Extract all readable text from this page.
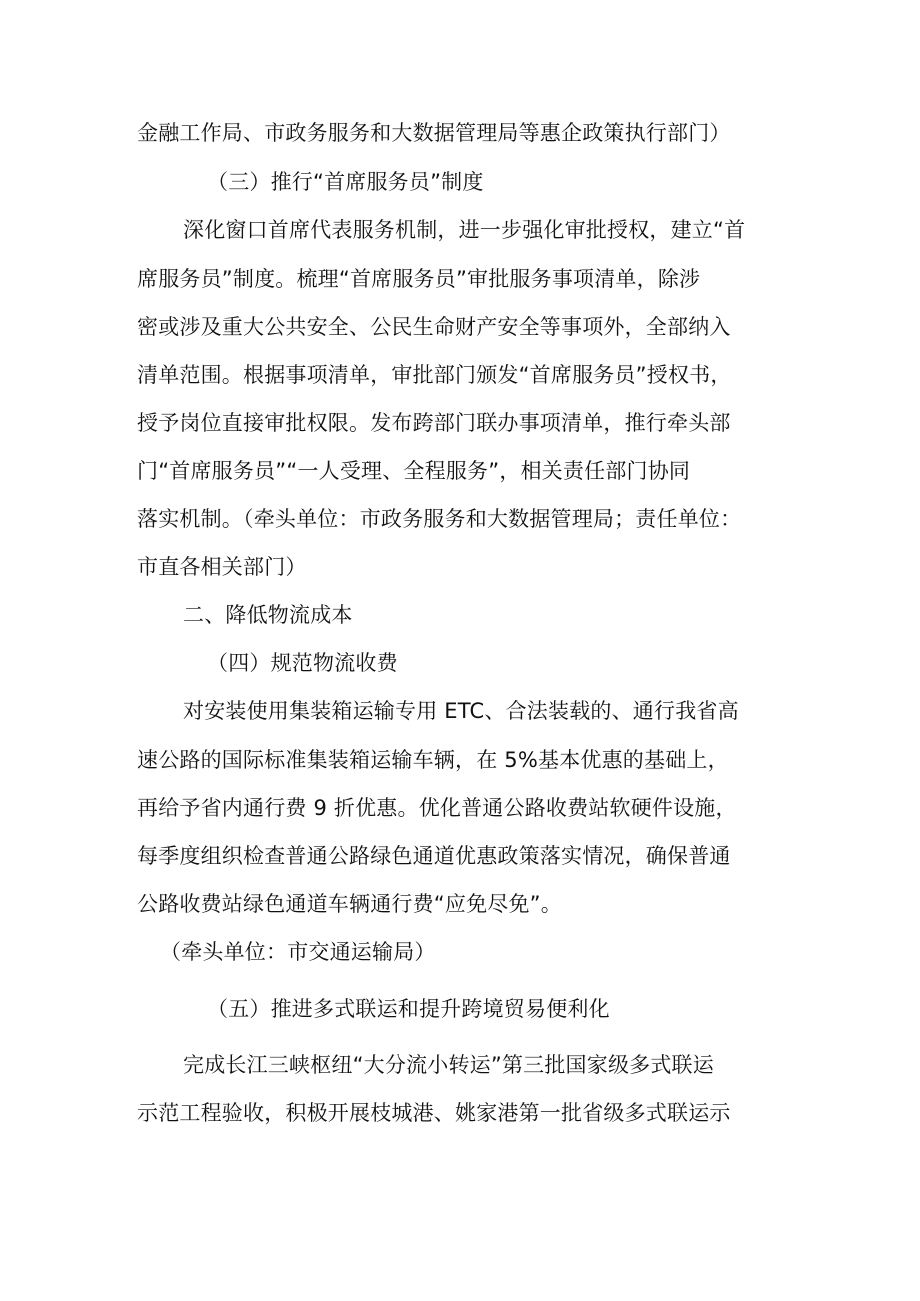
金融工作局、市政务服务和大数据管理局等惠企政策执行部门）
（三）推行“首席服务员”制度
深化窗口首席代表服务机制，进一步强化审批授权，建立“首
席服务员”制度。梳理“首席服务员”审批服务事项清单，除涉
密或涉及重大公共安全、公民生命财产安全等事项外，全部纳入
清单范围。根据事项清单，审批部门颁发“首席服务员”授权书，
授予岗位直接审批权限。发布跨部门联办事项清单，推行牵头部
门“首席服务员”“一人受理、全程服务”，相关责任部门协同
落实机制。（牵头单位：市政务服务和大数据管理局；责任单位：
市直各相关部门）
二、降低物流成本
（四）规范物流收费
对安装使用集装箱运输专用 ETC、合法装载的、通行我省高
速公路的国际标准集装箱运输车辆，在 5%基本优惠的基础上，
再给予省内通行费 9 折优惠。优化普通公路收费站软硬件设施，
每季度组织检查普通公路绿色通道优惠政策落实情况，确保普通
公路收费站绿色通道车辆通行费“应免尽免”。
（牵头单位：市交通运输局）
（五）推进多式联运和提升跨境贸易便利化
完成长江三峡枢纽“大分流小转运”第三批国家级多式联运
示范工程验收，积极开展枝城港、姚家港第一批省级多式联运示
